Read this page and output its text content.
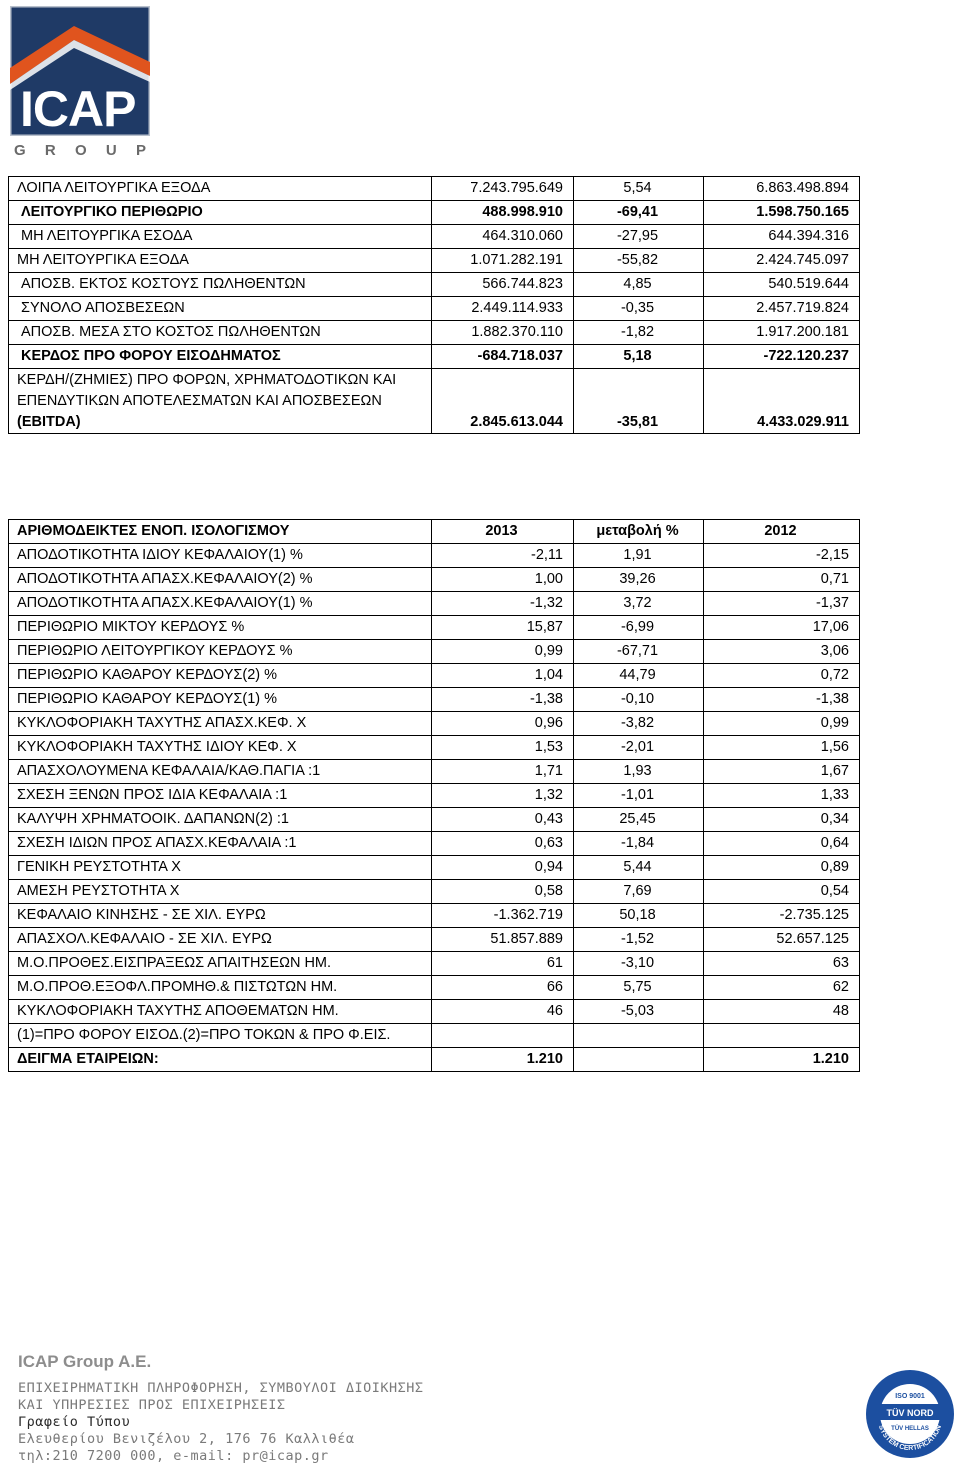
ICAP
G R O U P
ΛΟΙΠΑ ΛΕΙΤΟΥΡΓΙΚΑ ΕΞΟΔΑ	7.243.795.649	5,54	6.863.498.894
ΛΕΙΤΟΥΡΓΙΚΟ ΠΕΡΙΘΩΡΙΟ	488.998.910	-69,41	1.598.750.165
ΜΗ ΛΕΙΤΟΥΡΓΙΚΑ ΕΣΟΔΑ	464.310.060	-27,95	644.394.316
ΜΗ ΛΕΙΤΟΥΡΓΙΚΑ ΕΞΟΔΑ	1.071.282.191	-55,82	2.424.745.097
ΑΠΟΣΒ. ΕΚΤΟΣ ΚΟΣΤΟΥΣ ΠΩΛΗΘΕΝΤΩΝ	566.744.823	4,85	540.519.644
ΣΥΝΟΛΟ ΑΠΟΣΒΕΣΕΩΝ	2.449.114.933	-0,35	2.457.719.824
ΑΠΟΣΒ. ΜΕΣΑ ΣΤΟ ΚΟΣΤΟΣ ΠΩΛΗΘΕΝΤΩΝ	1.882.370.110	-1,82	1.917.200.181
ΚΕΡΔΟΣ ΠΡΟ ΦΟΡΟΥ ΕΙΣΟΔΗΜΑΤΟΣ	-684.718.037	5,18	-722.120.237

ΚΕΡΔΗ/(ΖΗΜΙΕΣ) ΠΡΟ ΦΟΡΩΝ, ΧΡΗΜΑΤΟΔΟΤΙΚΩΝ ΚΑΙ
ΕΠΕΝΔΥΤΙΚΩΝ ΑΠΟΤΕΛΕΣΜΑΤΩΝ ΚΑΙ ΑΠΟΣΒΕΣΕΩΝ
(EBITDA)	2.845.613.044	-35,81	4.433.029.911
ΑΡΙΘΜΟΔΕΙΚΤΕΣ ΕΝΟΠ. ΙΣΟΛΟΓΙΣΜΟΥ	2013	μεταβολή %	2012
ΑΠΟΔΟΤΙΚΟΤΗΤΑ ΙΔΙΟΥ ΚΕΦΑΛΑΙΟΥ(1) %	-2,11	1,91	-2,15
ΑΠΟΔΟΤΙΚΟΤΗΤΑ ΑΠΑΣΧ.ΚΕΦΑΛΑΙΟΥ(2) %	1,00	39,26	0,71
ΑΠΟΔΟΤΙΚΟΤΗΤΑ ΑΠΑΣΧ.ΚΕΦΑΛΑΙΟΥ(1) %	-1,32	3,72	-1,37
ΠΕΡΙΘΩΡΙΟ ΜΙΚΤΟΥ ΚΕΡΔΟΥΣ %	15,87	-6,99	17,06
ΠΕΡΙΘΩΡΙΟ ΛΕΙΤΟΥΡΓΙΚΟΥ ΚΕΡΔΟΥΣ %	0,99	-67,71	3,06
ΠΕΡΙΘΩΡΙΟ ΚΑΘΑΡΟΥ ΚΕΡΔΟΥΣ(2) %	1,04	44,79	0,72
ΠΕΡΙΘΩΡΙΟ ΚΑΘΑΡΟΥ ΚΕΡΔΟΥΣ(1) %	-1,38	-0,10	-1,38
ΚΥΚΛΟΦΟΡΙΑΚΗ ΤΑΧΥΤΗΣ ΑΠΑΣΧ.ΚΕΦ. Χ	0,96	-3,82	0,99
ΚΥΚΛΟΦΟΡΙΑΚΗ ΤΑΧΥΤΗΣ ΙΔΙΟΥ ΚΕΦ. Χ	1,53	-2,01	1,56
ΑΠΑΣΧΟΛΟΥΜΕΝΑ ΚΕΦΑΛΑΙΑ/ΚΑΘ.ΠΑΓΙΑ :1	1,71	1,93	1,67
ΣΧΕΣΗ ΞΕΝΩΝ ΠΡΟΣ ΙΔΙΑ ΚΕΦΑΛΑΙΑ :1	1,32	-1,01	1,33
ΚΑΛΥΨΗ ΧΡΗΜΑΤΟΟΙΚ. ΔΑΠΑΝΩΝ(2) :1	0,43	25,45	0,34
ΣΧΕΣΗ ΙΔΙΩΝ ΠΡΟΣ ΑΠΑΣΧ.ΚΕΦΑΛΑΙΑ :1	0,63	-1,84	0,64
ΓΕΝΙΚΗ ΡΕΥΣΤΟΤΗΤΑ Χ	0,94	5,44	0,89
ΑΜΕΣΗ ΡΕΥΣΤΟΤΗΤΑ Χ	0,58	7,69	0,54
ΚΕΦΑΛΑΙΟ ΚΙΝΗΣΗΣ - ΣΕ ΧΙΛ. ΕΥΡΩ	-1.362.719	50,18	-2.735.125
ΑΠΑΣΧΟΛ.ΚΕΦΑΛΑΙΟ - ΣΕ ΧΙΛ. ΕΥΡΩ	51.857.889	-1,52	52.657.125
Μ.Ο.ΠΡΟΘΕΣ.ΕΙΣΠΡΑΞΕΩΣ ΑΠΑΙΤΗΣΕΩΝ ΗΜ.	61	-3,10	63
Μ.Ο.ΠΡΟΘ.ΕΞΟΦΛ.ΠΡΟΜΗΘ.& ΠΙΣΤΩΤΩΝ ΗΜ.	66	5,75	62
ΚΥΚΛΟΦΟΡΙΑΚΗ ΤΑΧΥΤΗΣ ΑΠΟΘΕΜΑΤΩΝ ΗΜ.	46	-5,03	48
(1)=ΠΡΟ ΦΟΡΟΥ ΕΙΣΟΔ.(2)=ΠΡΟ ΤΟΚΩΝ & ΠΡΟ Φ.ΕΙΣ.			
ΔΕΙΓΜΑ ΕΤΑΙΡΕΙΩΝ:	1.210		1.210
ICAP Group A.E.
ΕΠΙΧΕΙΡΗΜΑΤΙΚΗ ΠΛΗΡΟΦΟΡΗΣΗ, ΣΥΜΒΟΥΛΟΙ ΔΙΟΙΚΗΣΗΣ
ΚΑΙ ΥΠΗΡΕΣΙΕΣ ΠΡΟΣ ΕΠΙΧΕΙΡΗΣΕΙΣ
Γραφείο Τύπου
Ελευθερίου Βενιζέλου 2, 176 76 Καλλιθέα
τηλ:210 7200 000, e-mail: pr@icap.gr
ISO 9001
TÜV NORD
TÜV HELLAS
SYSTEM CERTIFICATION
